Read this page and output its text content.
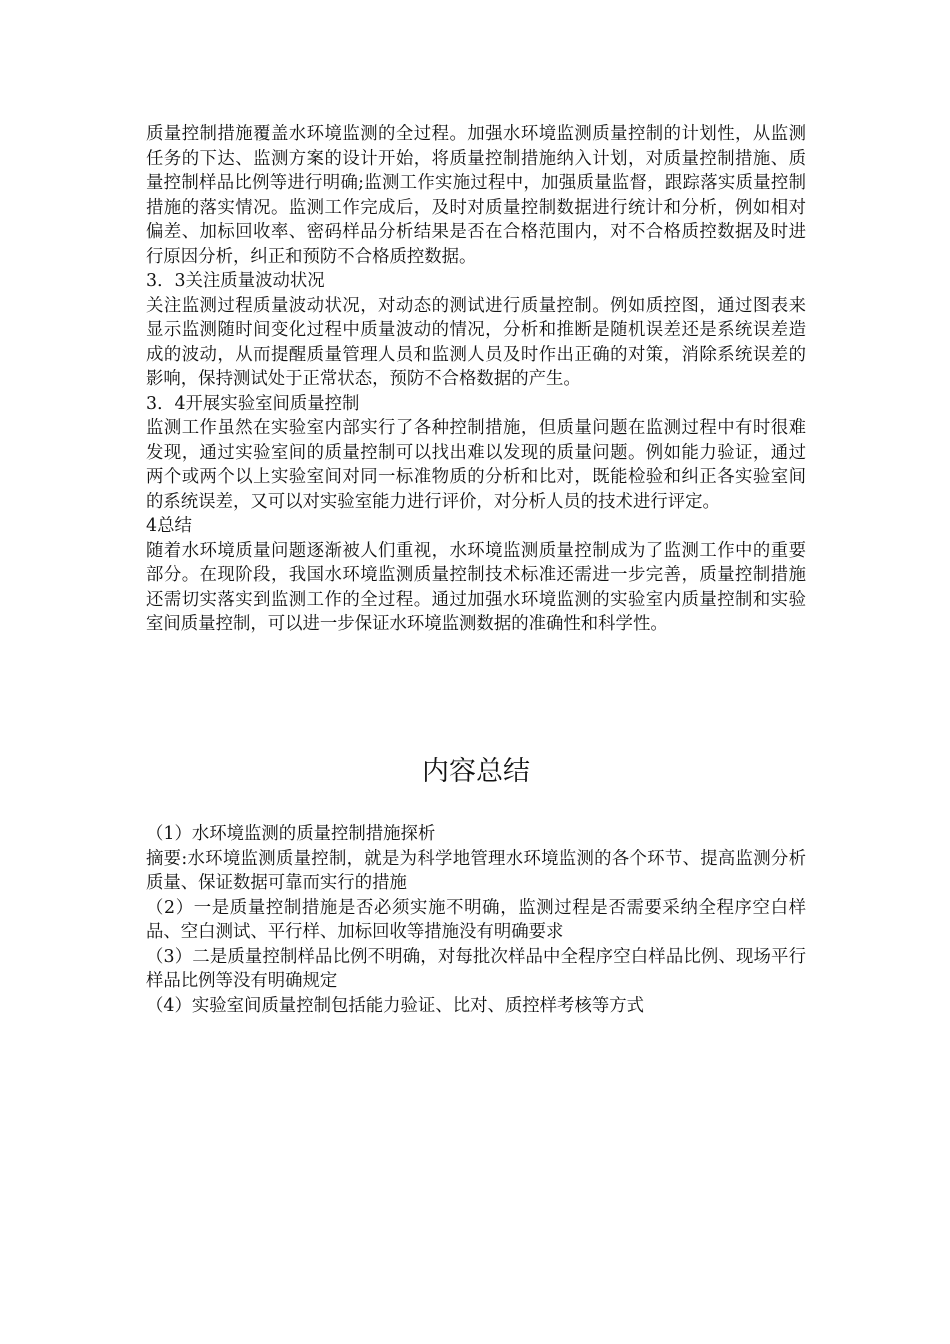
质量控制措施覆盖水环境监测的全过程。加强水环境监测质量控制的计划性，从监测任务的下达、监测方案的设计开始，将质量控制措施纳入计划，对质量控制措施、质量控制样品比例等进行明确;监测工作实施过程中，加强质量监督，跟踪落实质量控制措施的落实情况。监测工作完成后，及时对质量控制数据进行统计和分析，例如相对偏差、加标回收率、密码样品分析结果是否在合格范围内，对不合格质控数据及时进行原因分析，纠正和预防不合格质控数据。

3．3关注质量波动状况

关注监测过程质量波动状况，对动态的测试进行质量控制。例如质控图，通过图表来显示监测随时间变化过程中质量波动的情况，分析和推断是随机误差还是系统误差造成的波动，从而提醒质量管理人员和监测人员及时作出正确的对策，消除系统误差的影响，保持测试处于正常状态，预防不合格数据的产生。

3．4开展实验室间质量控制

监测工作虽然在实验室内部实行了各种控制措施，但质量问题在监测过程中有时很难发现，通过实验室间的质量控制可以找出难以发现的质量问题。例如能力验证，通过两个或两个以上实验室间对同一标准物质的分析和比对，既能检验和纠正各实验室间的系统误差，又可以对实验室能力进行评价，对分析人员的技术进行评定。

4总结

随着水环境质量问题逐渐被人们重视，水环境监测质量控制成为了监测工作中的重要部分。在现阶段，我国水环境监测质量控制技术标准还需进一步完善，质量控制措施还需切实落实到监测工作的全过程。通过加强水环境监测的实验室内质量控制和实验室间质量控制，可以进一步保证水环境监测数据的准确性和科学性。

内容总结

（1）水环境监测的质量控制措施探析

摘要:水环境监测质量控制，就是为科学地管理水环境监测的各个环节、提高监测分析质量、保证数据可靠而实行的措施

（2）一是质量控制措施是否必须实施不明确，监测过程是否需要采纳全程序空白样品、空白测试、平行样、加标回收等措施没有明确要求

（3）二是质量控制样品比例不明确，对每批次样品中全程序空白样品比例、现场平行样品比例等没有明确规定

（4）实验室间质量控制包括能力验证、比对、质控样考核等方式
